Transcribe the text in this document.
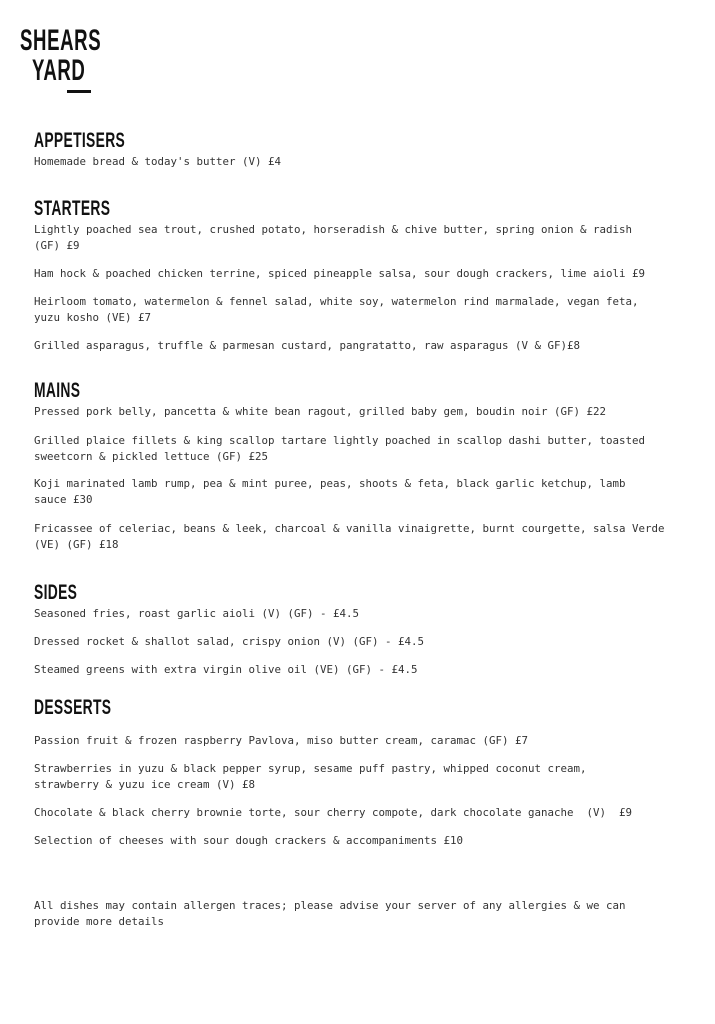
SHEARS
YARD
APPETISERS
Homemade bread & today's butter (V) £4
STARTERS
Lightly poached sea trout, crushed potato, horseradish & chive butter, spring onion & radish
(GF) £9
Ham hock & poached chicken terrine, spiced pineapple salsa, sour dough crackers, lime aioli £9
Heirloom tomato, watermelon & fennel salad, white soy, watermelon rind marmalade, vegan feta,
yuzu kosho (VE) £7
Grilled asparagus, truffle & parmesan custard, pangratatto, raw asparagus (V & GF)£8
MAINS
Pressed pork belly, pancetta & white bean ragout, grilled baby gem, boudin noir (GF) £22
Grilled plaice fillets & king scallop tartare lightly poached in scallop dashi butter, toasted
sweetcorn & pickled lettuce (GF) £25
Koji marinated lamb rump, pea & mint puree, peas, shoots & feta, black garlic ketchup, lamb
sauce £30
Fricassee of celeriac, beans & leek, charcoal & vanilla vinaigrette, burnt courgette, salsa Verde
(VE) (GF) £18
SIDES
Seasoned fries, roast garlic aioli (V) (GF) - £4.5
Dressed rocket & shallot salad, crispy onion (V) (GF) - £4.5
Steamed greens with extra virgin olive oil (VE) (GF) - £4.5
DESSERTS
Passion fruit & frozen raspberry Pavlova, miso butter cream, caramac (GF) £7
Strawberries in yuzu & black pepper syrup, sesame puff pastry, whipped coconut cream,
strawberry & yuzu ice cream (V) £8
Chocolate & black cherry brownie torte, sour cherry compote, dark chocolate ganache  (V)  £9
Selection of cheeses with sour dough crackers & accompaniments £10
All dishes may contain allergen traces; please advise your server of any allergies & we can
provide more details
